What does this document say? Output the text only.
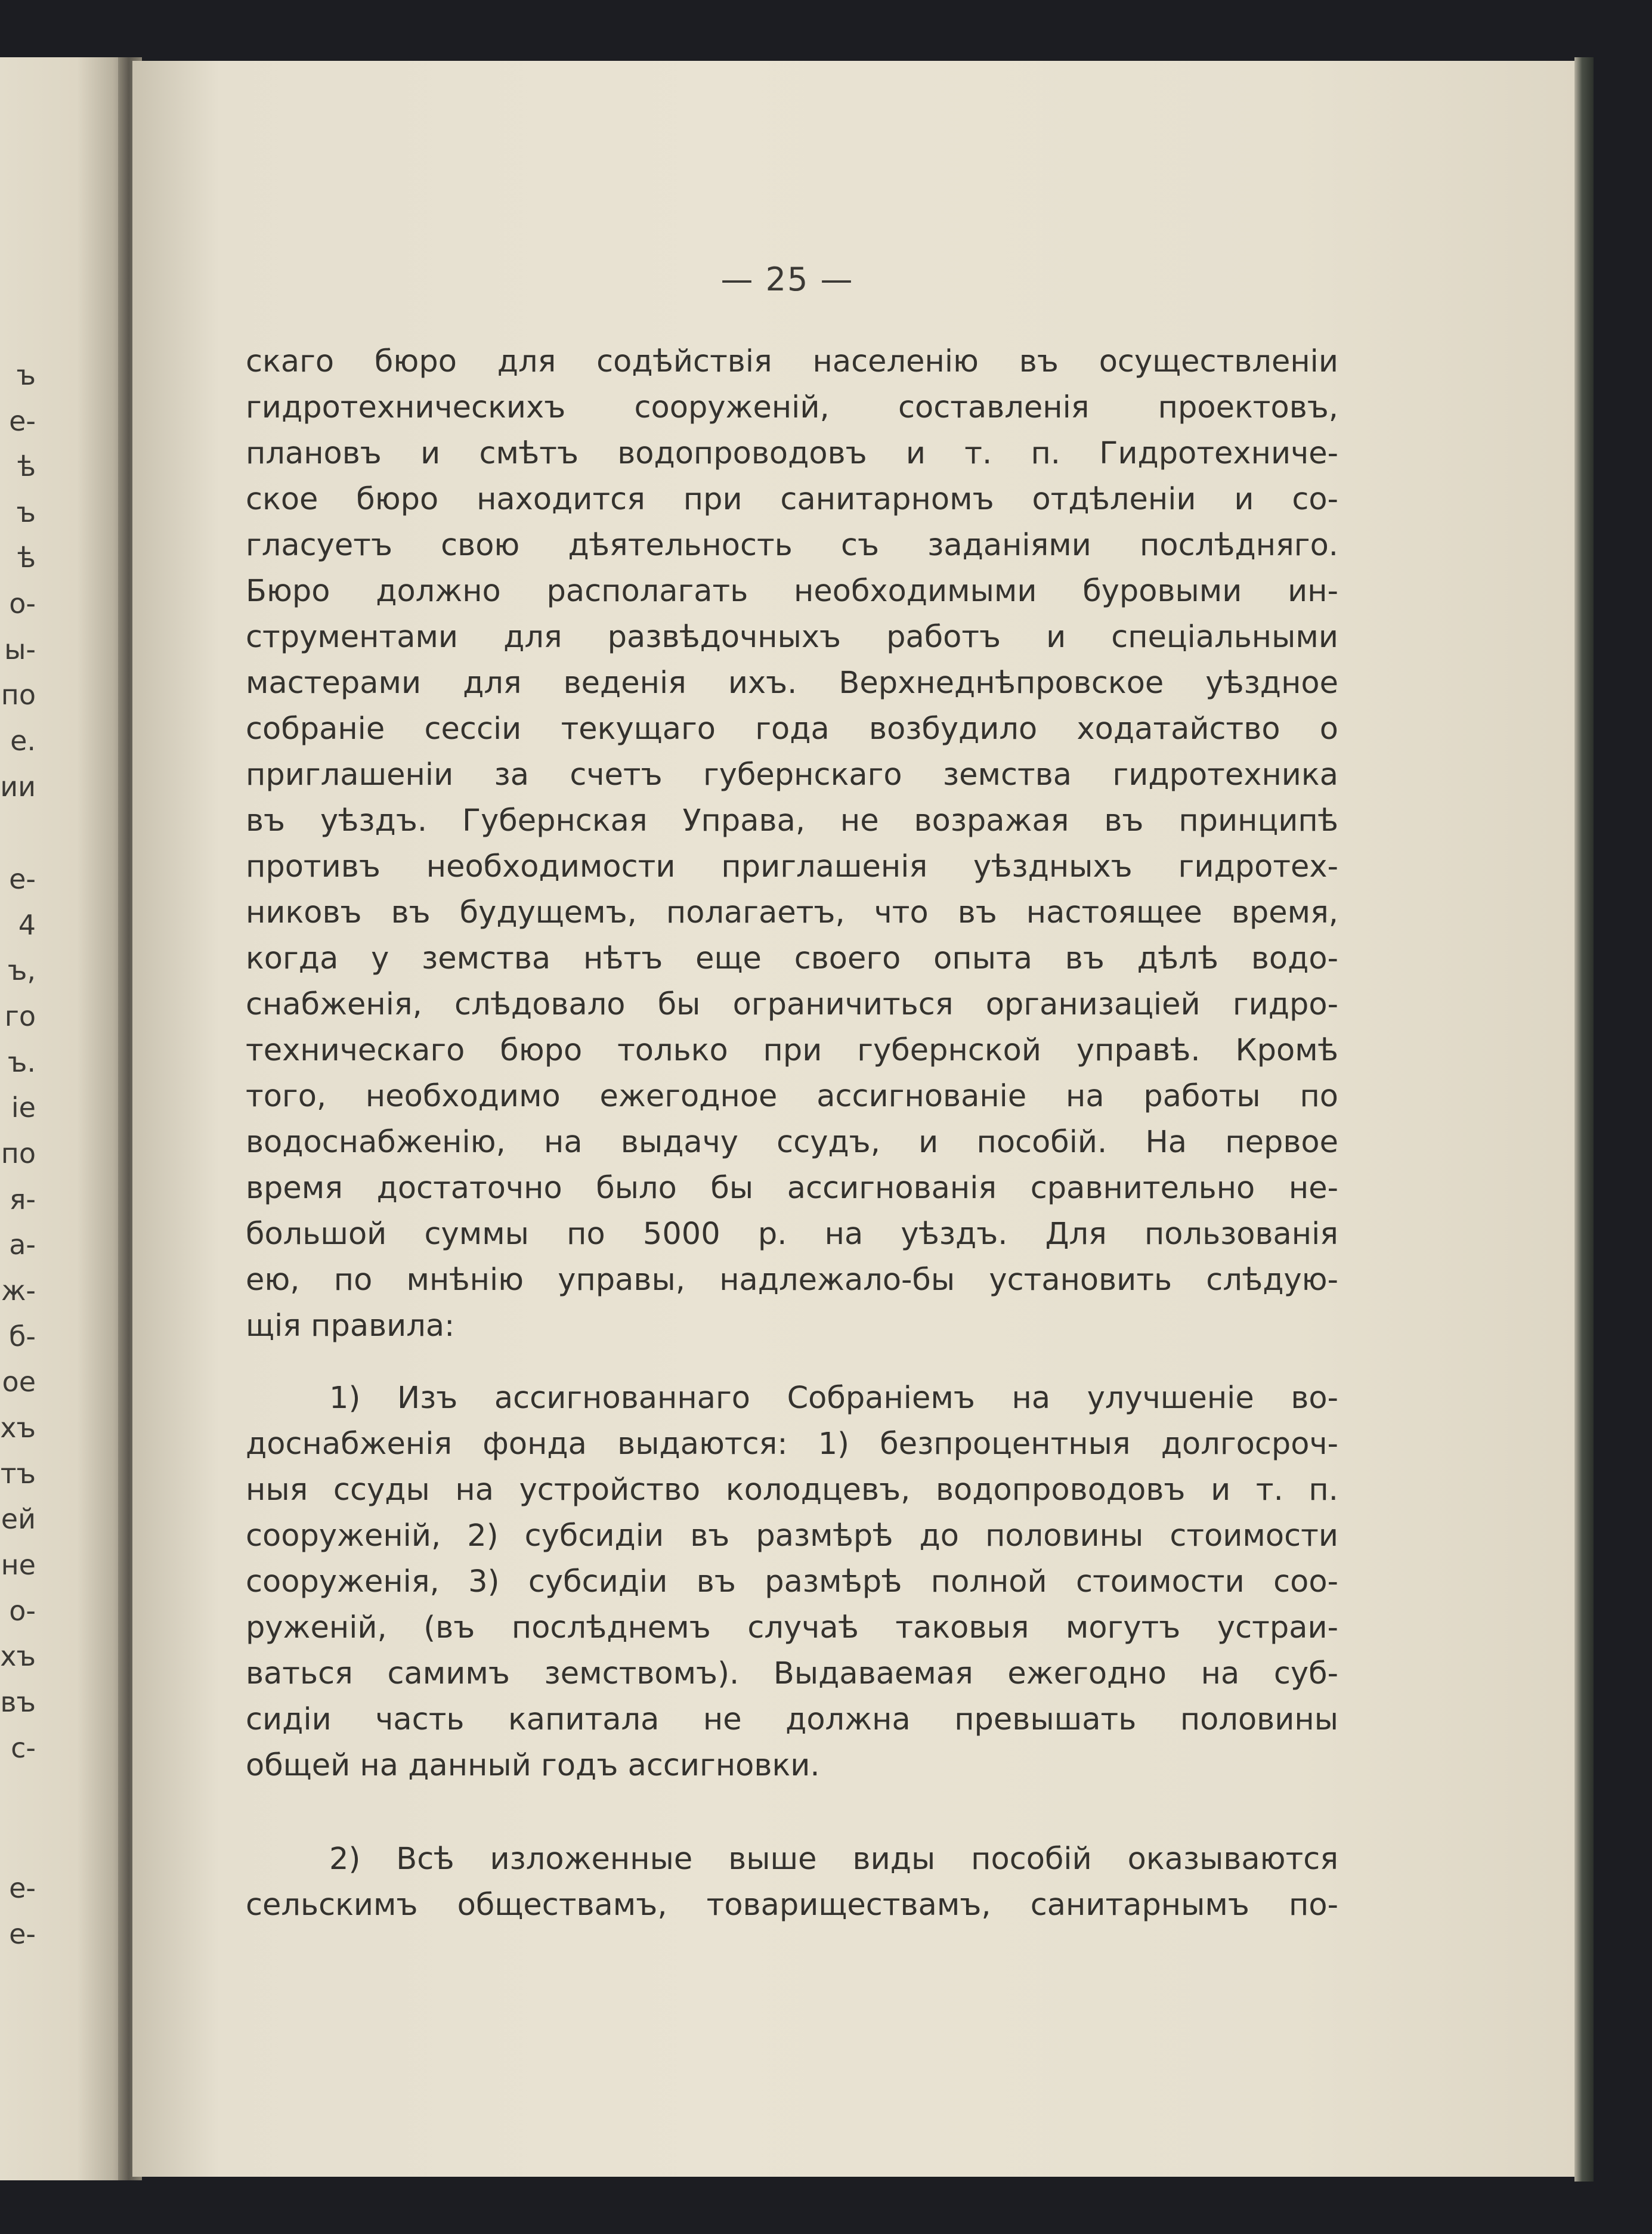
ъ
е-
ѣ
ъ
ѣ
о-
ы-
по
е.
ии
е-
4
ъ,
го
ъ.
іе
по
я-
а-
ж-
б-
ое
хъ
тъ
ей
не
о-
хъ
въ
с-
е-
е-
— 25 —
скаго бюро для содѣйствія населенію въ осуществленіи
гидротехническихъ сооруженій, составленія проектовъ,
плановъ и смѣтъ водопроводовъ и т. п. Гидротехниче-
ское бюро находится при санитарномъ отдѣленіи и со-
гласуетъ свою дѣятельность съ заданіями послѣдняго.
Бюро должно располагать необходимыми буровыми ин-
струментами для развѣдочныхъ работъ и спеціальными
мастерами для веденія ихъ. Верхнеднѣпровское уѣздное
собраніе сессіи текущаго года возбудило ходатайство о
приглашеніи за счетъ губернскаго земства гидротехника
въ уѣздъ. Губернская Управа, не возражая въ принципѣ
противъ необходимости приглашенія уѣздныхъ гидротех-
никовъ въ будущемъ, полагаетъ, что въ настоящее время,
когда у земства нѣтъ еще своего опыта въ дѣлѣ водо-
снабженія, слѣдовало бы ограничиться организаціей гидро-
техническаго бюро только при губернской управѣ. Кромѣ
того, необходимо ежегодное ассигнованіе на работы по
водоснабженію, на выдачу ссудъ, и пособій. На первое
время достаточно было бы ассигнованія сравнительно не-
большой суммы по 5000 р. на уѣздъ. Для пользованія
ею, по мнѣнію управы, надлежало-бы установить слѣдую-
щія правила:
1) Изъ ассигнованнаго Собраніемъ на улучшеніе во-
доснабженія фонда выдаются: 1) безпроцентныя долгосроч-
ныя ссуды на устройство колодцевъ, водопроводовъ и т. п.
сооруженій, 2) субсидіи въ размѣрѣ до половины стоимости
сооруженія, 3) субсидіи въ размѣрѣ полной стоимости соо-
руженій, (въ послѣднемъ случаѣ таковыя могутъ устраи-
ваться самимъ земствомъ). Выдаваемая ежегодно на суб-
сидіи часть капитала не должна превышать половины
общей на данный годъ ассигновки.
2) Всѣ изложенные выше виды пособій оказываются
сельскимъ обществамъ, товариществамъ, санитарнымъ по-
